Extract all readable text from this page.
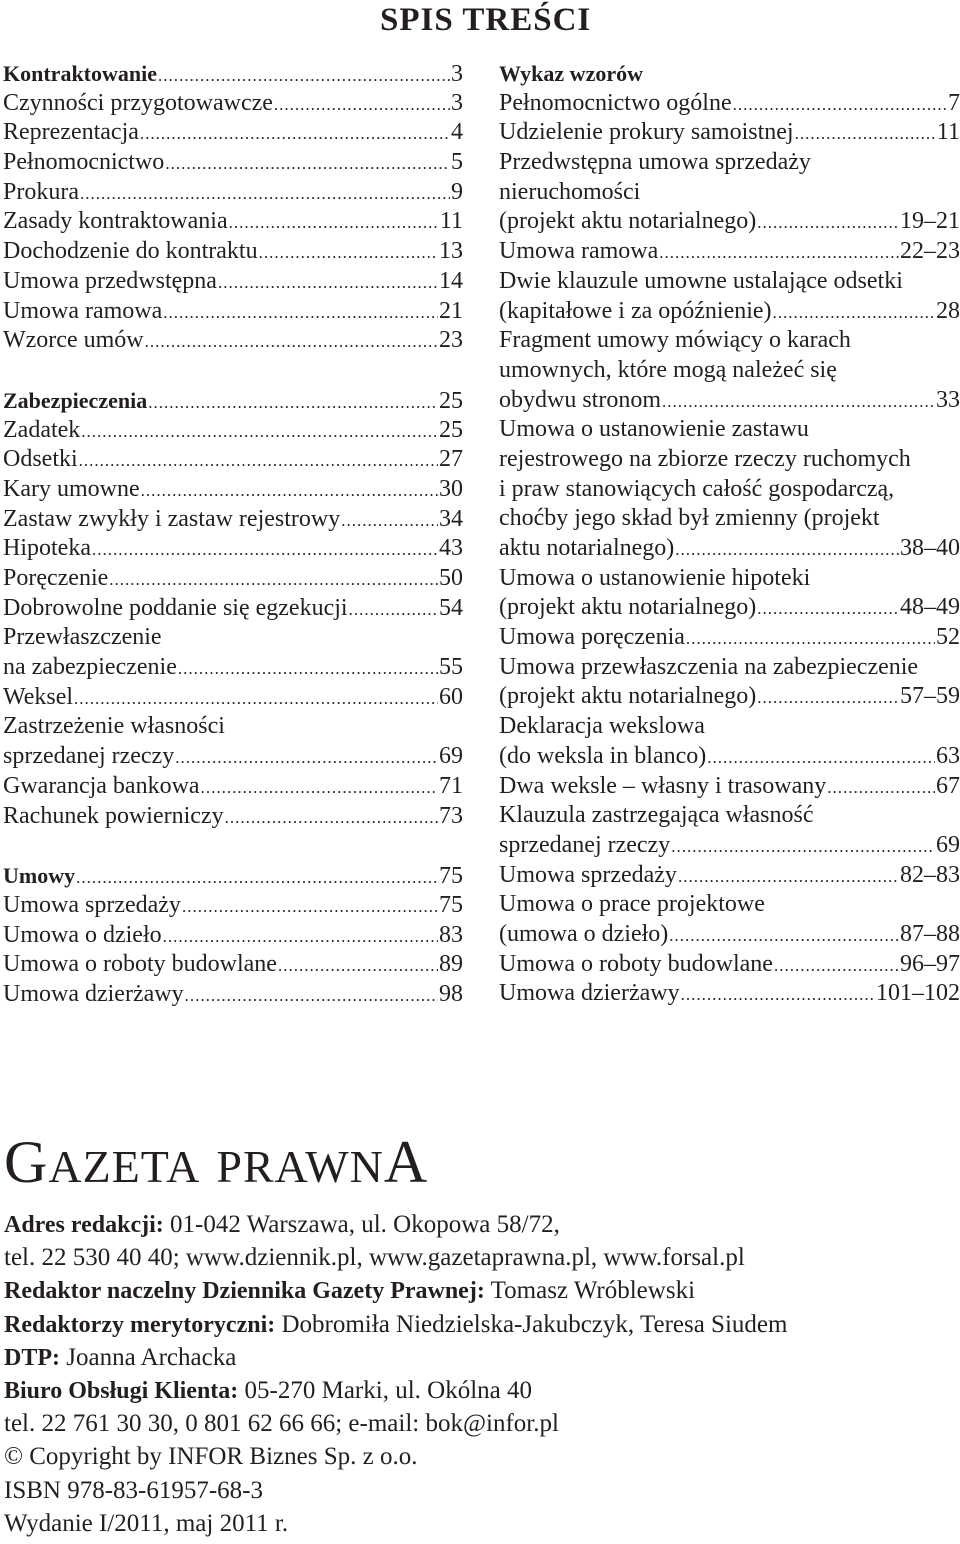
SPIS TREŚCI
Kontraktowanie .....	3
Czynności przygotowawcze .....	3
Reprezentacja .....	4
Pełnomocnictwo .....	5
Prokura .....	9
Zasady kontraktowania .....	11
Dochodzenie do kontraktu .....	13
Umowa przedwstępna .....	14
Umowa ramowa .....	21
Wzorce umów .....	23
Zabezpieczenia .....	25
Zadatek .....	25
Odsetki .....	27
Kary umowne .....	30
Zastaw zwykły i zastaw rejestrowy .....	34
Hipoteka .....	43
Poręczenie .....	50
Dobrowolne poddanie się egzekucji .....	54
Przewłaszczenie
na zabezpieczenie .....	55
Weksel .....	60
Zastrzeżenie własności
sprzedanej rzeczy .....	69
Gwarancja bankowa .....	71
Rachunek powierniczy .....	73
Umowy .....	75
Umowa sprzedaży .....	75
Umowa o dzieło .....	83
Umowa o roboty budowlane .....	89
Umowa dzierżawy .....	98
Wykaz wzorów
Pełnomocnictwo ogólne .....	7
Udzielenie prokury samoistnej .....	11
Przedwstępna umowa sprzedaży
nieruchomości
(projekt aktu notarialnego) .....	19–21
Umowa ramowa .....	22–23
Dwie klauzule umowne ustalające odsetki
(kapitałowe i za opóźnienie) .....	28
Fragment umowy mówiący o karach
umownych, które mogą należeć się
obydwu stronom .....	33
Umowa o ustanowienie zastawu
rejestrowego na zbiorze rzeczy ruchomych
i praw stanowiących całość gospodarczą,
choćby jego skład był zmienny (projekt
aktu notarialnego) .....	38–40
Umowa o ustanowienie hipoteki
(projekt aktu notarialnego) .....	48–49
Umowa poręczenia .....	52
Umowa przewłaszczenia na zabezpieczenie
(projekt aktu notarialnego) .....	57–59
Deklaracja wekslowa
(do weksla in blanco) .....	63
Dwa weksle – własny i trasowany .....	67
Klauzula zastrzegająca własność
sprzedanej rzeczy .....	69
Umowa sprzedaży .....	82–83
Umowa o prace projektowe
(umowa o dzieło) .....	87–88
Umowa o roboty budowlane .....	96–97
Umowa dzierżawy .....	101–102
GAZETA PRAWNA
Adres redakcji: 01-042 Warszawa, ul. Okopowa 58/72,
tel. 22 530 40 40; www.dziennik.pl, www.gazetaprawna.pl, www.forsal.pl
Redaktor naczelny Dziennika Gazety Prawnej: Tomasz Wróblewski
Redaktorzy merytoryczni: Dobromiła Niedzielska-Jakubczyk, Teresa Siudem
DTP: Joanna Archacka
Biuro Obsługi Klienta: 05-270 Marki, ul. Okólna 40
tel. 22 761 30 30, 0 801 62 66 66; e-mail: bok@infor.pl
© Copyright by INFOR Biznes Sp. z o.o.
ISBN 978-83-61957-68-3
Wydanie I/2011, maj 2011 r.
